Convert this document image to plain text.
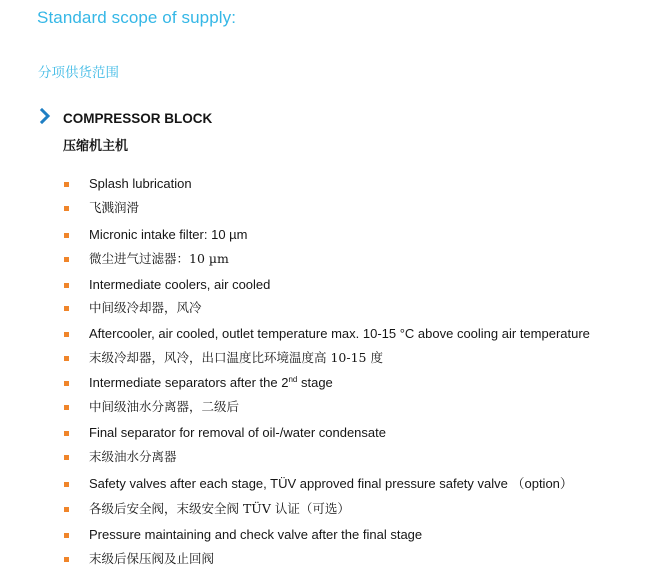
Standard scope of supply:
分项供货范围
COMPRESSOR BLOCK
压缩机主机
Splash lubrication
飞溅润滑
Micronic intake filter: 10 µm
微尘进气过滤器：10 µm
Intermediate coolers, air cooled
中间级冷却器，风冷
Aftercooler, air cooled, outlet temperature max. 10-15 °C above cooling air temperature
末级冷却器，风冷，出口温度比环境温度高 10-15 度
Intermediate separators after the 2nd stage
中间级油水分离器，二级后
Final separator for removal of oil-/water condensate
末级油水分离器
Safety valves after each stage, TÜV approved final pressure safety valve （option）
各级后安全阀，末级安全阀 TÜV 认证（可选）
Pressure maintaining and check valve after the final stage
末级后保压阀及止回阀
